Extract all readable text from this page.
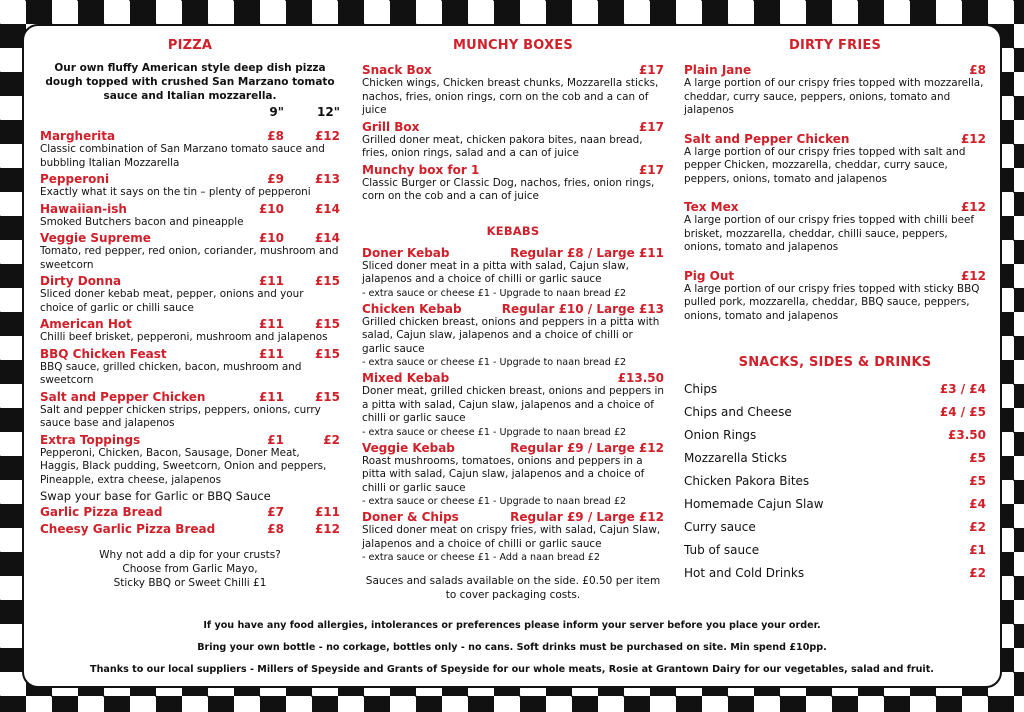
PIZZA
Our own fluffy American style deep dish pizza dough topped with crushed San Marzano tomato sauce and Italian mozzarella.
9"	12"
Margherita	£8	£12
Classic combination of San Marzano tomato sauce and bubbling Italian Mozzarella
Pepperoni	£9	£13
Exactly what it says on the tin – plenty of pepperoni
Hawaiian-ish	£10	£14
Smoked Butchers bacon and pineapple
Veggie Supreme	£10	£14
Tomato, red pepper, red onion, coriander, mushroom and sweetcorn
Dirty Donna	£11	£15
Sliced doner kebab meat, pepper, onions and your choice of garlic or chilli sauce
American Hot	£11	£15
Chilli beef brisket, pepperoni, mushroom and jalapenos
BBQ Chicken Feast	£11	£15
BBQ sauce, grilled chicken, bacon, mushroom and sweetcorn
Salt and Pepper Chicken	£11	£15
Salt and pepper chicken strips, peppers, onions, curry sauce base and jalapenos
Extra Toppings	£1	£2
Pepperoni, Chicken, Bacon, Sausage, Doner Meat, Haggis, Black pudding, Sweetcorn, Onion and peppers, Pineapple, extra cheese, jalapenos
Swap your base for Garlic or BBQ Sauce
Garlic Pizza Bread	£7	£11
Cheesy Garlic Pizza Bread	£8	£12
Why not add a dip for your crusts?
Choose from Garlic Mayo,
Sticky BBQ or Sweet Chilli £1
MUNCHY BOXES
Snack Box	£17
Chicken wings, Chicken breast chunks, Mozzarella sticks, nachos, fries, onion rings, corn on the cob and a can of juice
Grill Box	£17
Grilled doner meat, chicken pakora bites, naan bread, fries, onion rings, salad and a can of juice
Munchy box for 1	£17
Classic Burger or Classic Dog, nachos, fries, onion rings, corn on the cob and a can of juice
KEBABS
Doner Kebab	Regular £8 / Large £11
Sliced doner meat in a pitta with salad, Cajun slaw, jalapenos and a choice of chilli or garlic sauce
- extra sauce or cheese £1 - Upgrade to naan bread £2
Chicken Kebab	Regular £10 / Large £13
Grilled chicken breast, onions and peppers in a pitta with salad, Cajun slaw, jalapenos and a choice of chilli or garlic sauce
- extra sauce or cheese £1 - Upgrade to naan bread £2
Mixed Kebab	£13.50
Doner meat, grilled chicken breast, onions and peppers in a pitta with salad, Cajun slaw, jalapenos and a choice of chilli or garlic sauce
- extra sauce or cheese £1 - Upgrade to naan bread £2
Veggie Kebab	Regular £9 / Large £12
Roast mushrooms, tomatoes, onions and peppers in a pitta with salad, Cajun slaw, jalapenos and a choice of chilli or garlic sauce
- extra sauce or cheese £1 - Upgrade to naan bread £2
Doner & Chips	Regular £9 / Large £12
Sliced doner meat on crispy fries, with salad, Cajun Slaw, jalapenos and a choice of chilli or garlic sauce
- extra sauce or cheese £1 - Add a naan bread £2
Sauces and salads available on the side. £0.50 per item to cover packaging costs.
DIRTY FRIES
Plain Jane	£8
A large portion of our crispy fries topped with mozzarella, cheddar, curry sauce, peppers, onions, tomato and jalapenos
Salt and Pepper Chicken	£12
A large portion of our crispy fries topped with salt and pepper Chicken, mozzarella, cheddar, curry sauce, peppers, onions, tomato and jalapenos
Tex Mex	£12
A large portion of our crispy fries topped with chilli beef brisket, mozzarella, cheddar, chilli sauce, peppers, onions, tomato and jalapenos
Pig Out	£12
A large portion of our crispy fries topped with sticky BBQ pulled pork, mozzarella, cheddar, BBQ sauce, peppers, onions, tomato and jalapenos
SNACKS, SIDES & DRINKS
Chips	£3 / £4
Chips and Cheese	£4 / £5
Onion Rings	£3.50
Mozzarella Sticks	£5
Chicken Pakora Bites	£5
Homemade Cajun Slaw	£4
Curry sauce	£2
Tub of sauce	£1
Hot and Cold Drinks	£2
If you have any food allergies, intolerances or preferences please inform your server before you place your order.
Bring your own bottle - no corkage, bottles only - no cans. Soft drinks must be purchased on site. Min spend £10pp.
Thanks to our local suppliers - Millers of Speyside and Grants of Speyside for our whole meats, Rosie at Grantown Dairy for our vegetables, salad and fruit.
